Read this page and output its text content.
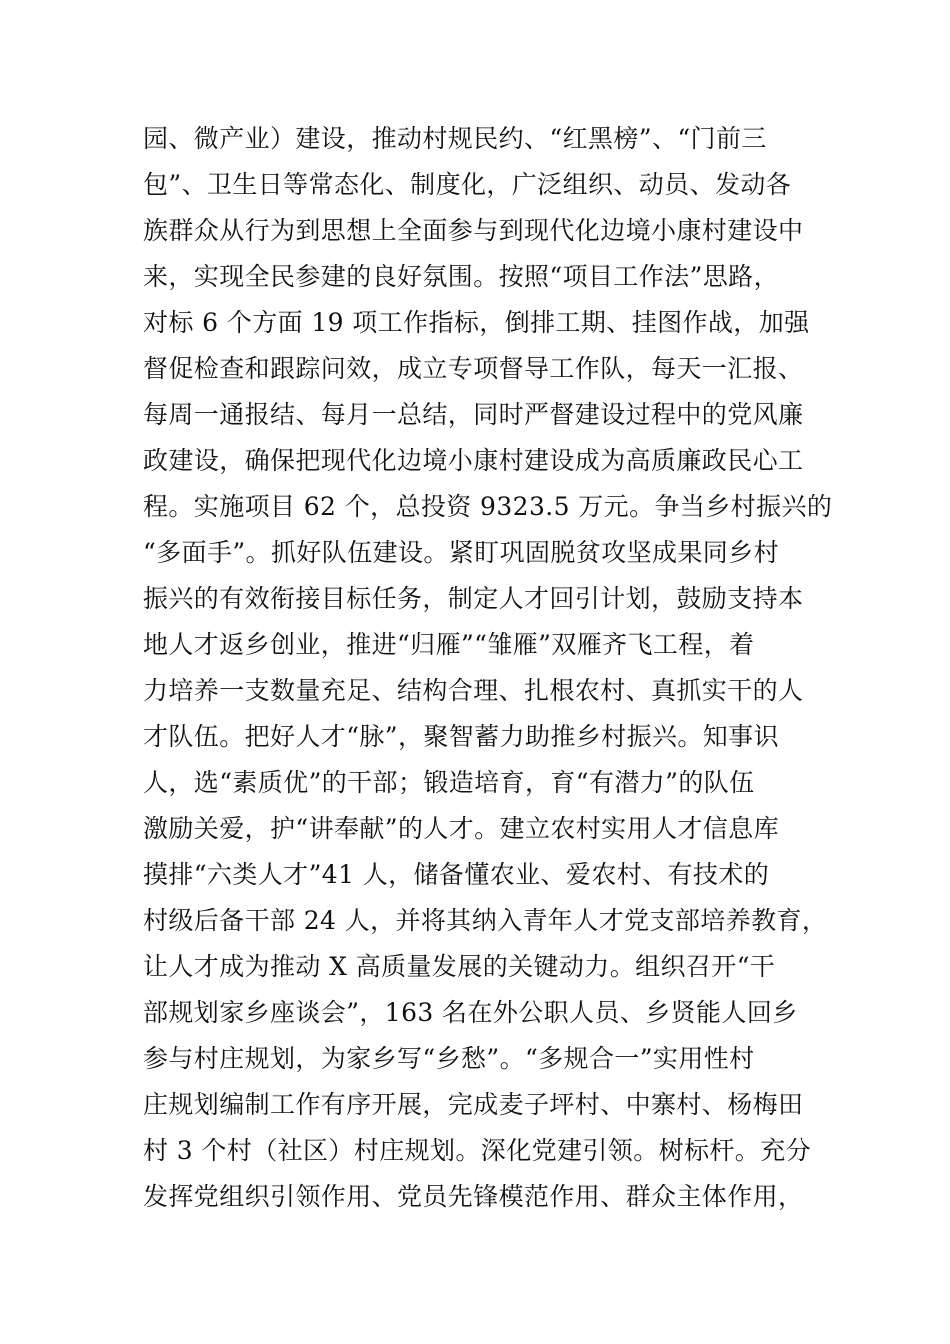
园、微产业）建设，推动村规民约、“红黑榜”、“门前三
包”、卫生日等常态化、制度化，广泛组织、动员、发动各
族群众从行为到思想上全面参与到现代化边境小康村建设中
来，实现全民参建的良好氛围。按照“项目工作法”思路，
对标 6 个方面 19 项工作指标，倒排工期、挂图作战，加强
督促检查和跟踪问效，成立专项督导工作队，每天一汇报、
每周一通报结、每月一总结，同时严督建设过程中的党风廉
政建设，确保把现代化边境小康村建设成为高质廉政民心工
程。实施项目 62 个，总投资 9323.5 万元。争当乡村振兴的
“多面手”。抓好队伍建设。紧盯巩固脱贫攻坚成果同乡村
振兴的有效衔接目标任务，制定人才回引计划，鼓励支持本
地人才返乡创业，推进“归雁”“雏雁”双雁齐飞工程，着
力培养一支数量充足、结构合理、扎根农村、真抓实干的人
才队伍。把好人才“脉”，聚智蓄力助推乡村振兴。知事识
人，选“素质优”的干部；锻造培育，育“有潜力”的队伍
激励关爱，护“讲奉献”的人才。建立农村实用人才信息库
摸排“六类人才”41 人，储备懂农业、爱农村、有技术的
村级后备干部 24 人，并将其纳入青年人才党支部培养教育，
让人才成为推动 X 高质量发展的关键动力。组织召开“干
部规划家乡座谈会”，163 名在外公职人员、乡贤能人回乡
参与村庄规划，为家乡写“乡愁”。“多规合一”实用性村
庄规划编制工作有序开展，完成麦子坪村、中寨村、杨梅田
村 3 个村（社区）村庄规划。深化党建引领。树标杆。充分
发挥党组织引领作用、党员先锋模范作用、群众主体作用，
